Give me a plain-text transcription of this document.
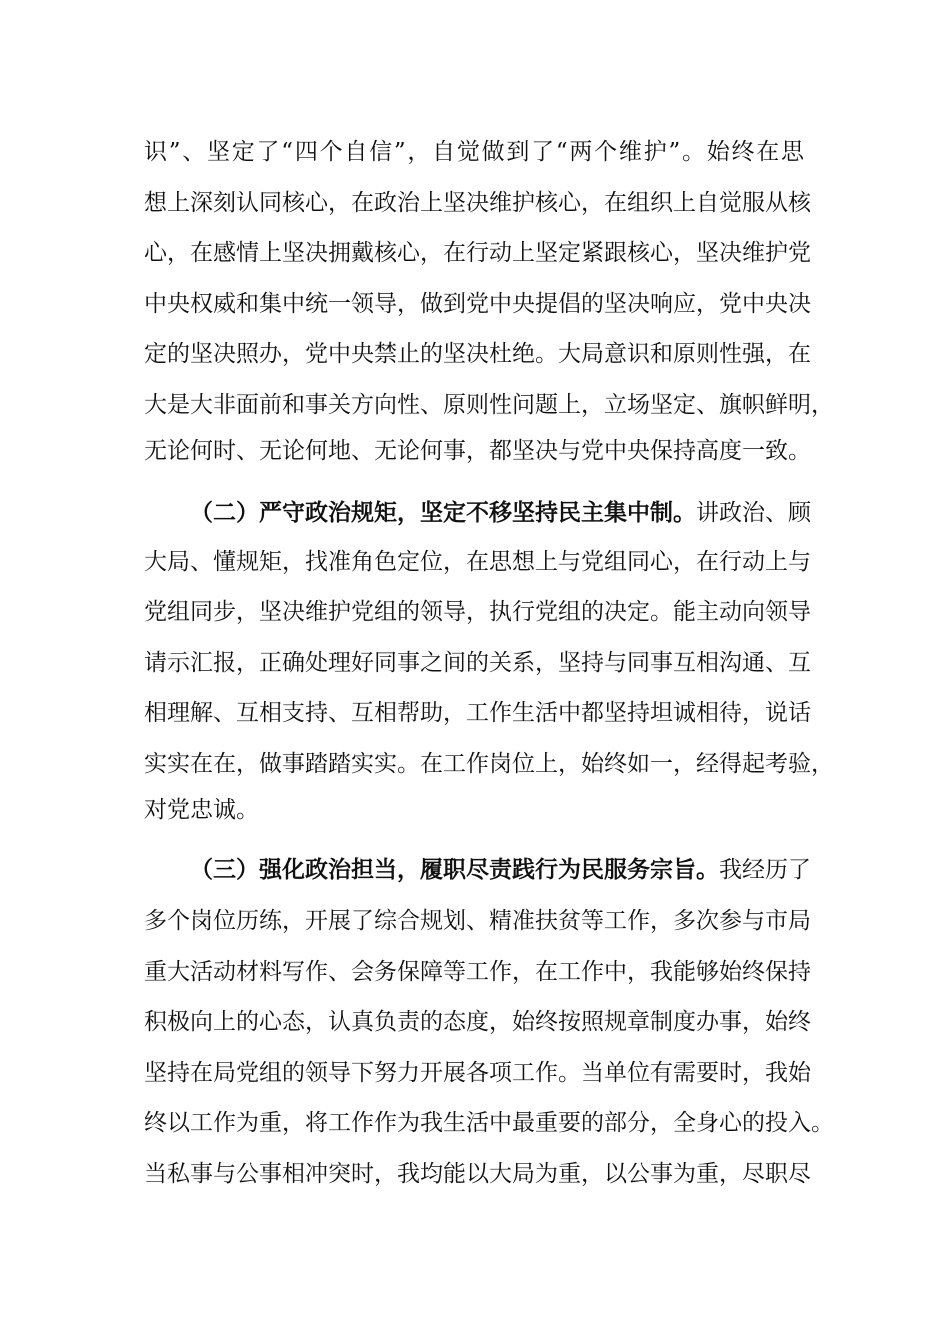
识”、坚定了“四个自信”，自觉做到了“两个维护”。始终在思
想上深刻认同核心，在政治上坚决维护核心，在组织上自觉服从核
心，在感情上坚决拥戴核心，在行动上坚定紧跟核心，坚决维护党
中央权威和集中统一领导，做到党中央提倡的坚决响应，党中央决
定的坚决照办，党中央禁止的坚决杜绝。大局意识和原则性强，在
大是大非面前和事关方向性、原则性问题上，立场坚定、旗帜鲜明，
无论何时、无论何地、无论何事，都坚决与党中央保持高度一致。
（二）严守政治规矩，坚定不移坚持民主集中制。讲政治、顾
大局、懂规矩，找准角色定位，在思想上与党组同心，在行动上与
党组同步，坚决维护党组的领导，执行党组的决定。能主动向领导
请示汇报，正确处理好同事之间的关系，坚持与同事互相沟通、互
相理解、互相支持、互相帮助，工作生活中都坚持坦诚相待，说话
实实在在，做事踏踏实实。在工作岗位上，始终如一，经得起考验，
对党忠诚。
（三）强化政治担当，履职尽责践行为民服务宗旨。我经历了
多个岗位历练，开展了综合规划、精准扶贫等工作，多次参与市局
重大活动材料写作、会务保障等工作，在工作中，我能够始终保持
积极向上的心态，认真负责的态度，始终按照规章制度办事，始终
坚持在局党组的领导下努力开展各项工作。当单位有需要时，我始
终以工作为重，将工作作为我生活中最重要的部分，全身心的投入。
当私事与公事相冲突时，我均能以大局为重，以公事为重，尽职尽
